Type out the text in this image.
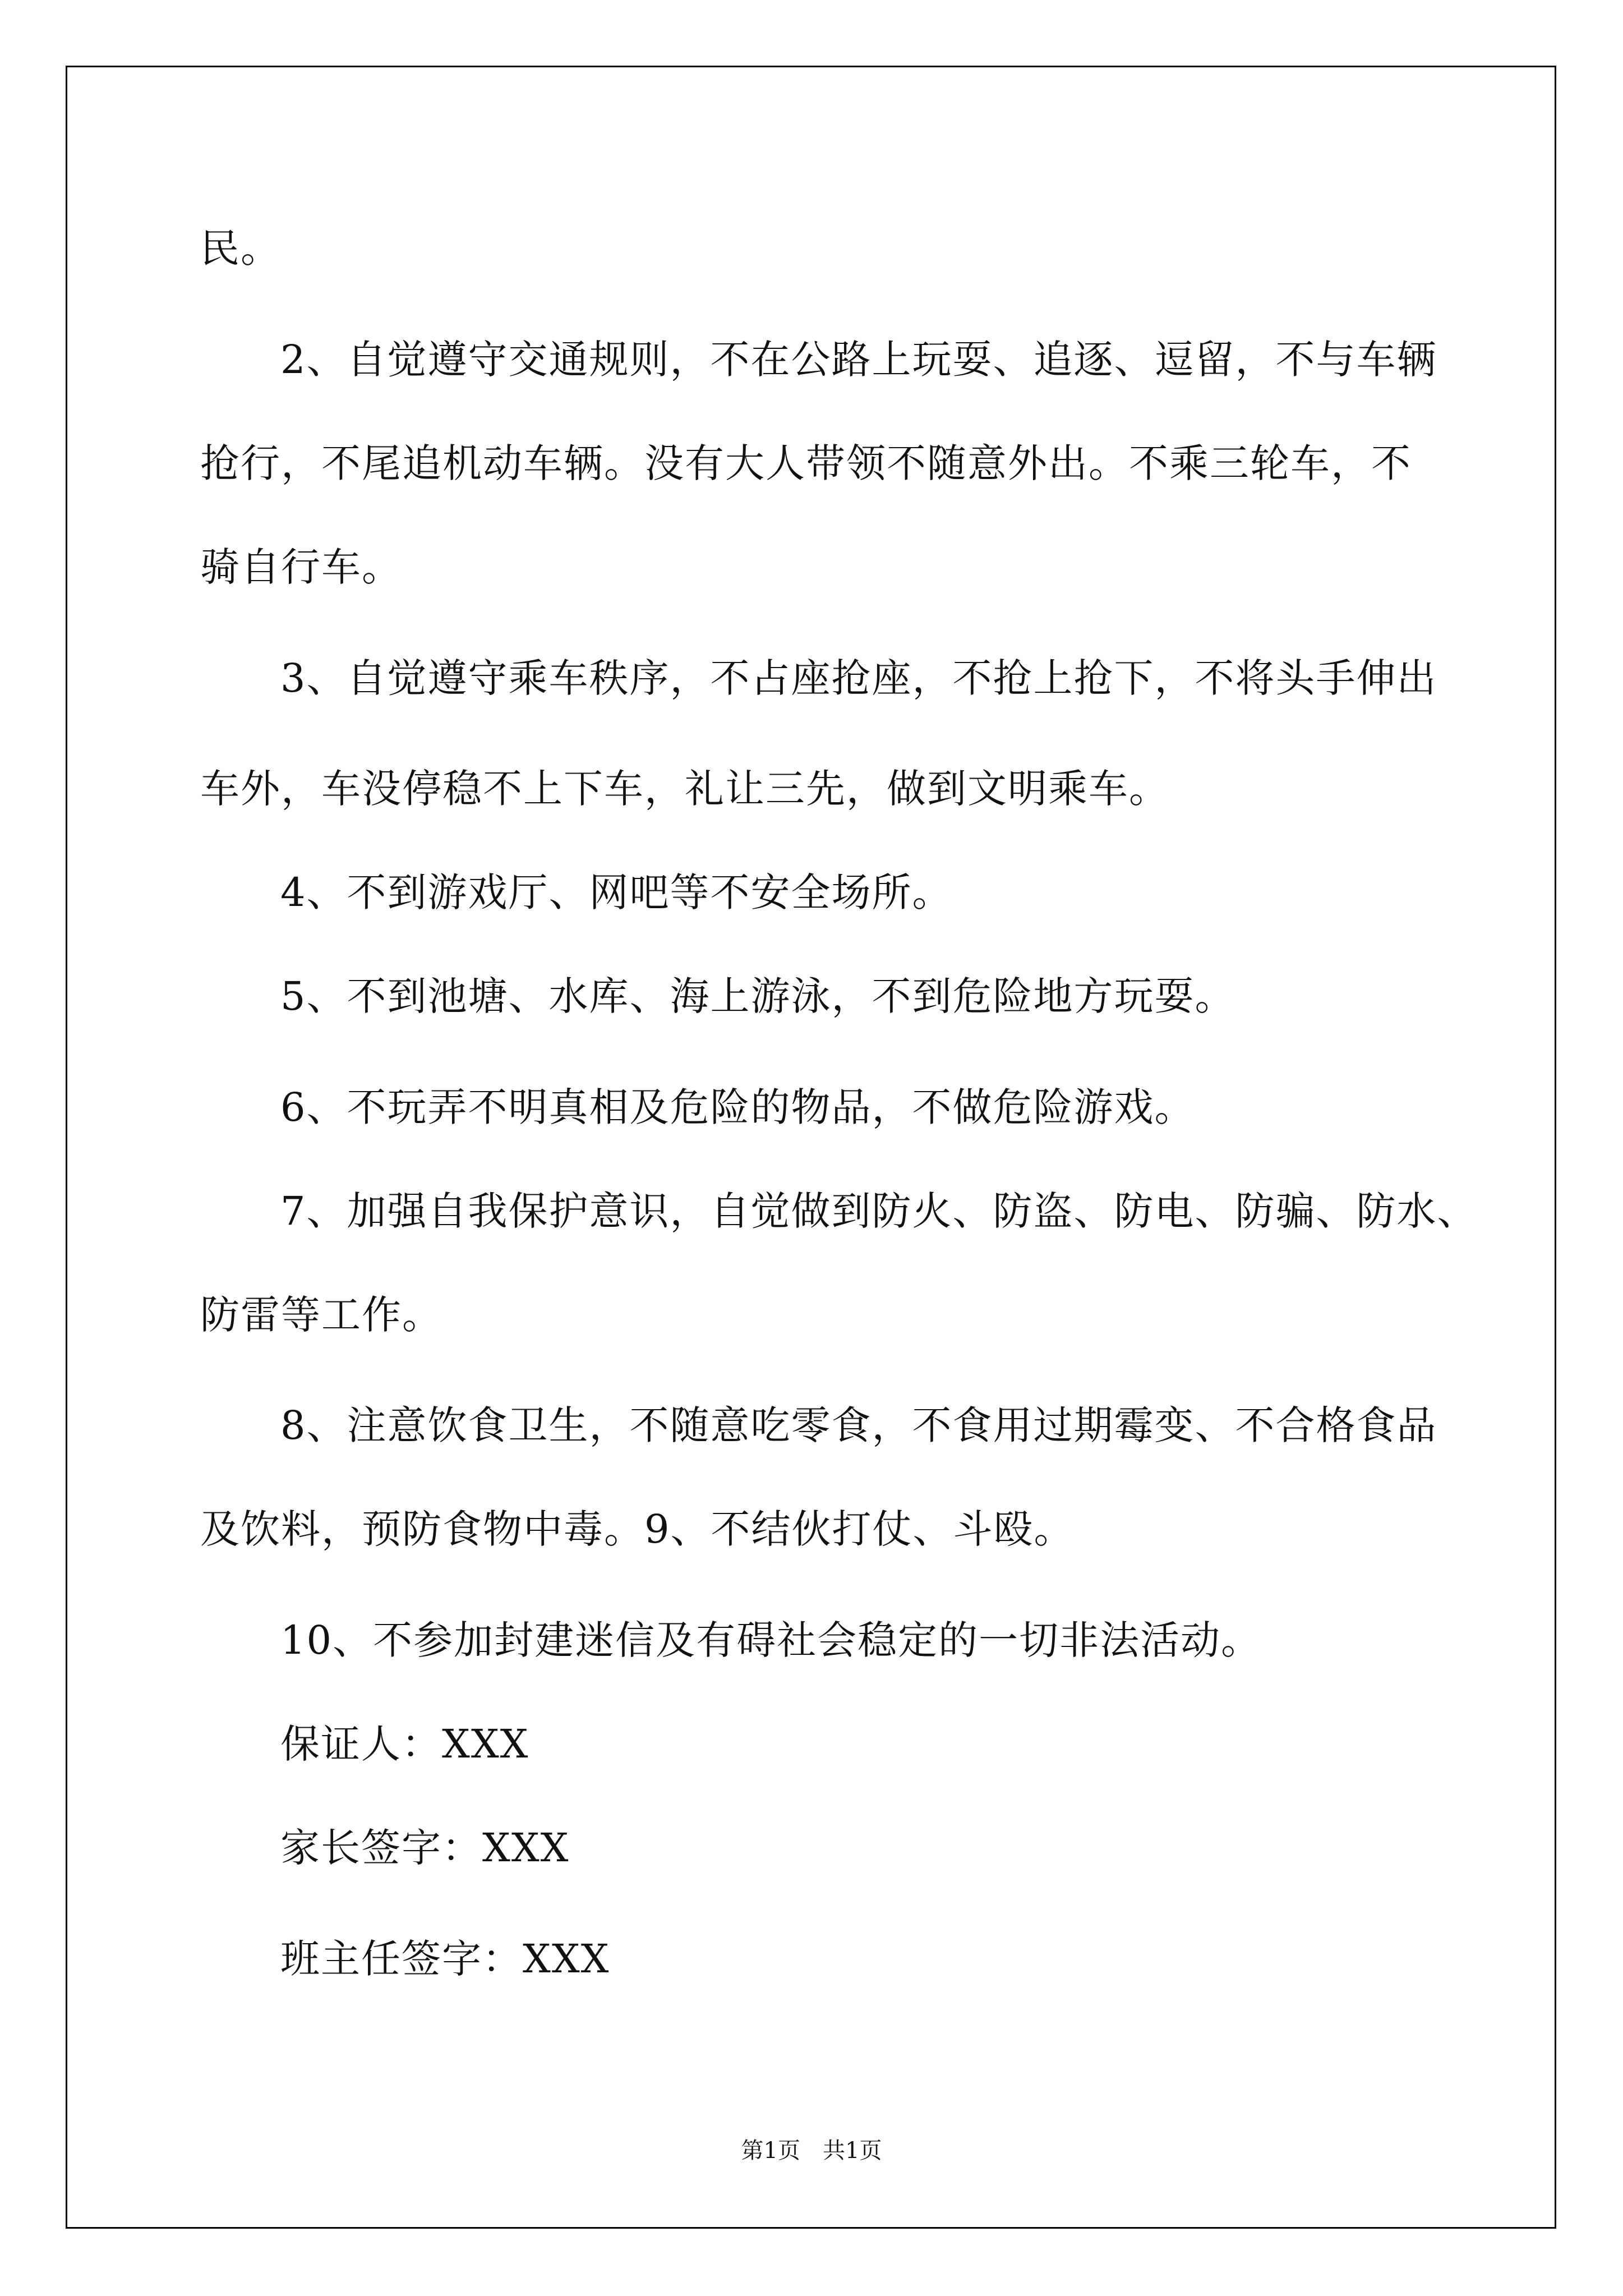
民。

2、自觉遵守交通规则，不在公路上玩耍、追逐、逗留，不与车辆

抢行，不尾追机动车辆。没有大人带领不随意外出。不乘三轮车，不

骑自行车。

3、自觉遵守乘车秩序，不占座抢座，不抢上抢下，不将头手伸出

车外，车没停稳不上下车，礼让三先，做到文明乘车。

4、不到游戏厅、网吧等不安全场所。

5、不到池塘、水库、海上游泳，不到危险地方玩耍。

6、不玩弄不明真相及危险的物品，不做危险游戏。

7、加强自我保护意识，自觉做到防火、防盗、防电、防骗、防水、

防雷等工作。

8、注意饮食卫生，不随意吃零食，不食用过期霉变、不合格食品

及饮料，预防食物中毒。9、不结伙打仗、斗殴。

10、不参加封建迷信及有碍社会稳定的一切非法活动。

保证人：XXX

家长签字：XXX

班主任签字：XXX

第1页　共1页
